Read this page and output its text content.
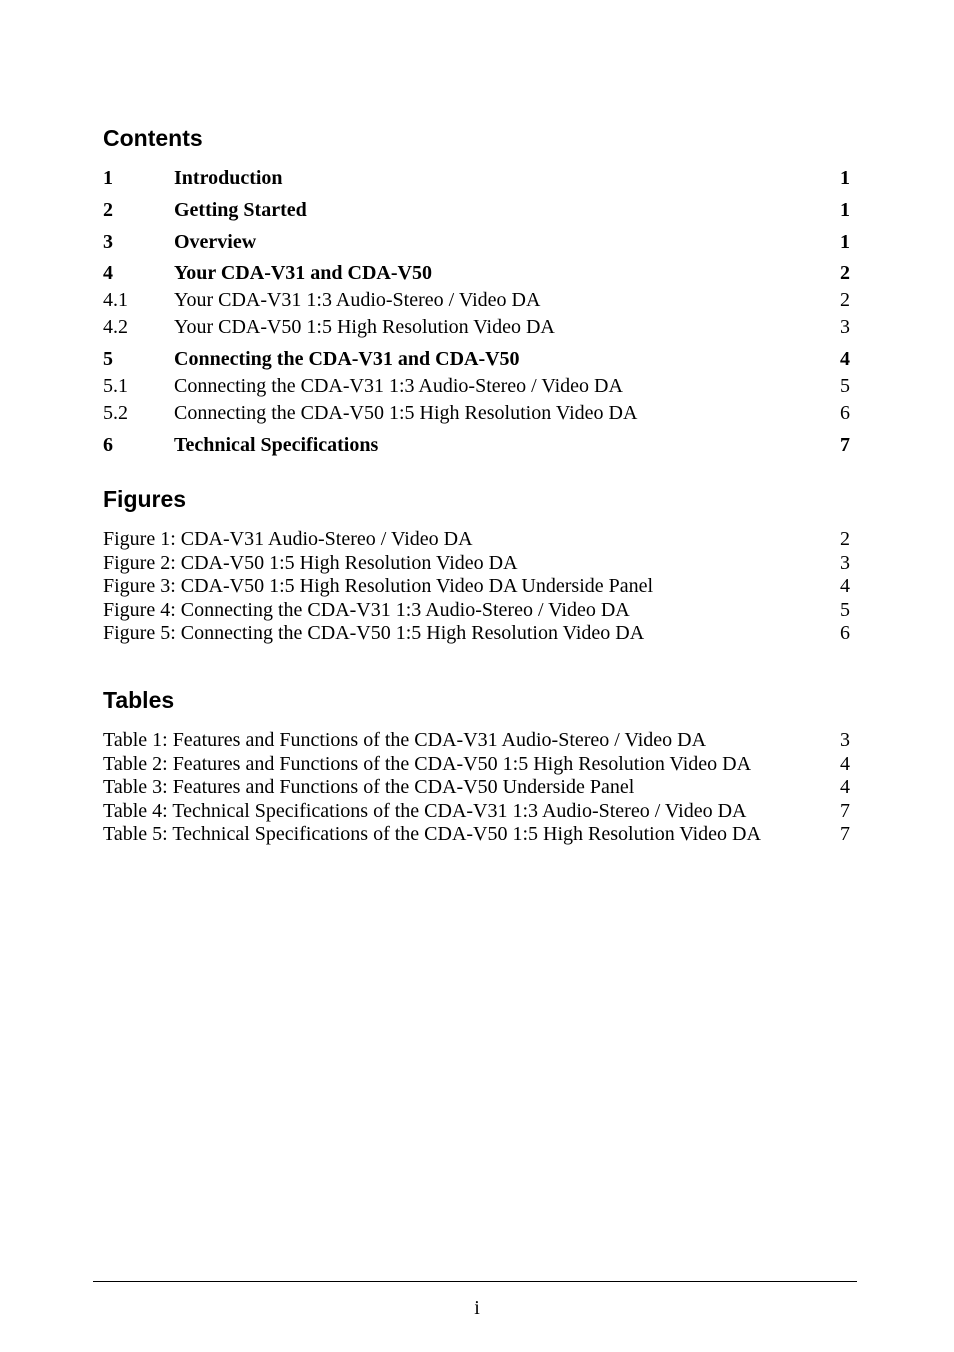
Contents
1	Introduction	1
2	Getting Started	1
3	Overview	1
4	Your CDA-V31 and CDA-V50	2
4.1 Your CDA-V31 1:3 Audio-Stereo / Video DA	2
4.2 Your CDA-V50 1:5 High Resolution Video DA	3
5	Connecting the CDA-V31 and CDA-V50	4
5.1 Connecting the CDA-V31 1:3 Audio-Stereo / Video DA	5
5.2 Connecting the CDA-V50 1:5 High Resolution Video DA	6
6	Technical Specifications	7
Figures
Figure 1: CDA-V31 Audio-Stereo / Video DA	2
Figure 2: CDA-V50 1:5 High Resolution Video DA	3
Figure 3: CDA-V50 1:5 High Resolution Video DA Underside Panel	4
Figure 4: Connecting the CDA-V31 1:3 Audio-Stereo / Video DA	5
Figure 5: Connecting the CDA-V50 1:5 High Resolution Video DA	6
Tables
Table 1: Features and Functions of the CDA-V31 Audio-Stereo / Video DA	3
Table 2: Features and Functions of the CDA-V50 1:5 High Resolution Video DA	4
Table 3: Features and Functions of the CDA-V50 Underside Panel	4
Table 4: Technical Specifications of the CDA-V31 1:3 Audio-Stereo / Video DA	7
Table 5: Technical Specifications of the CDA-V50 1:5 High Resolution Video DA	7
i
